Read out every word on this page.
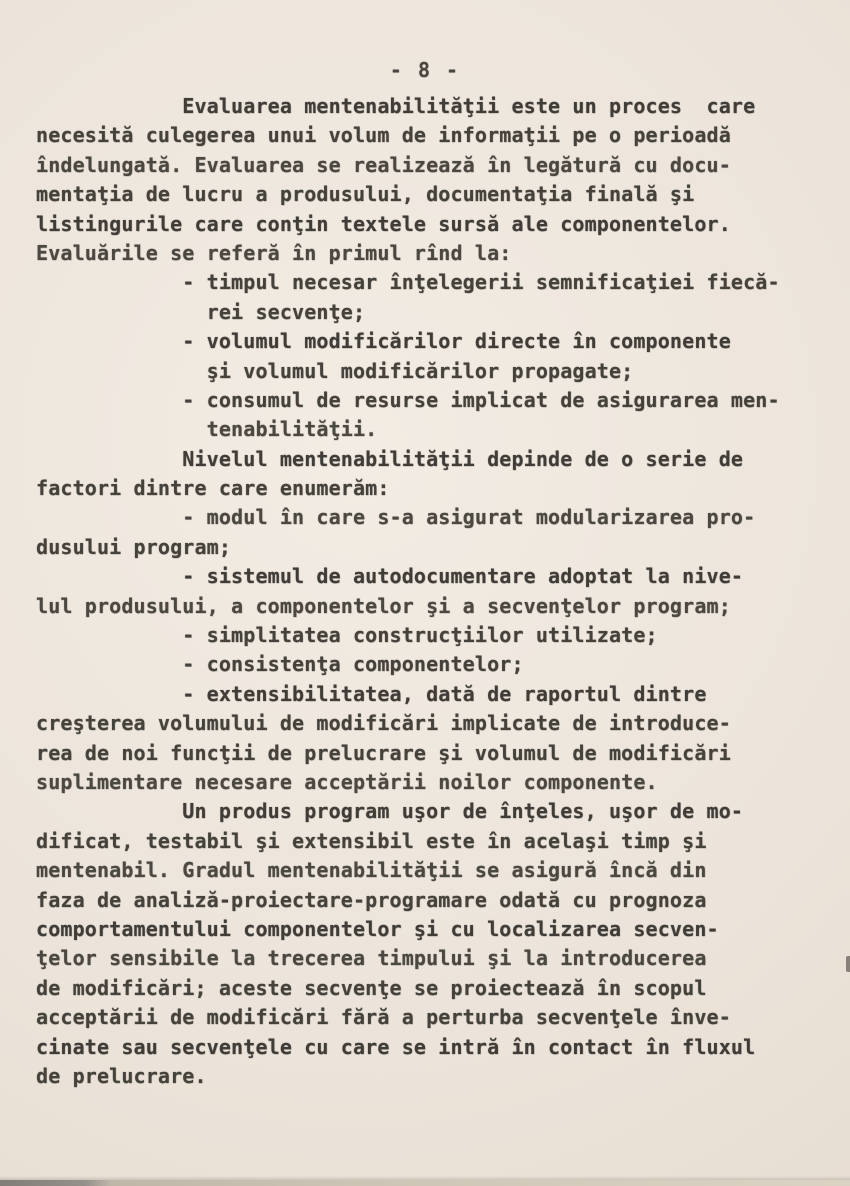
- 8 -
Evaluarea mentenabilităţii este un proces  care
necesită culegerea unui volum de informaţii pe o perioadă
îndelungată. Evaluarea se realizează în legătură cu docu-
mentaţia de lucru a produsului, documentaţia finală şi
listingurile care conţin textele sursă ale componentelor.
Evaluările se referă în primul rînd la:
- timpul necesar înţelegerii semnificaţiei fiecă-
rei secvenţe;
- volumul modificărilor directe în componente
şi volumul modificărilor propagate;
- consumul de resurse implicat de asigurarea men-
tenabilităţii.
Nivelul mentenabilităţii depinde de o serie de
factori dintre care enumerăm:
- modul în care s-a asigurat modularizarea pro-
dusului program;
- sistemul de autodocumentare adoptat la nive-
lul produsului, a componentelor şi a secvenţelor program;
- simplitatea construcţiilor utilizate;
- consistenţa componentelor;
- extensibilitatea, dată de raportul dintre
creşterea volumului de modificări implicate de introduce-
rea de noi funcţii de prelucrare şi volumul de modificări
suplimentare necesare acceptării noilor componente.
Un produs program uşor de înţeles, uşor de mo-
dificat, testabil şi extensibil este în acelaşi timp şi
mentenabil. Gradul mentenabilităţii se asigură încă din
faza de analiză-proiectare-programare odată cu prognoza
comportamentului componentelor şi cu localizarea secven-
ţelor sensibile la trecerea timpului şi la introducerea
de modificări; aceste secvenţe se proiectează în scopul
acceptării de modificări fără a perturba secvenţele înve-
cinate sau secvenţele cu care se intră în contact în fluxul
de prelucrare.
